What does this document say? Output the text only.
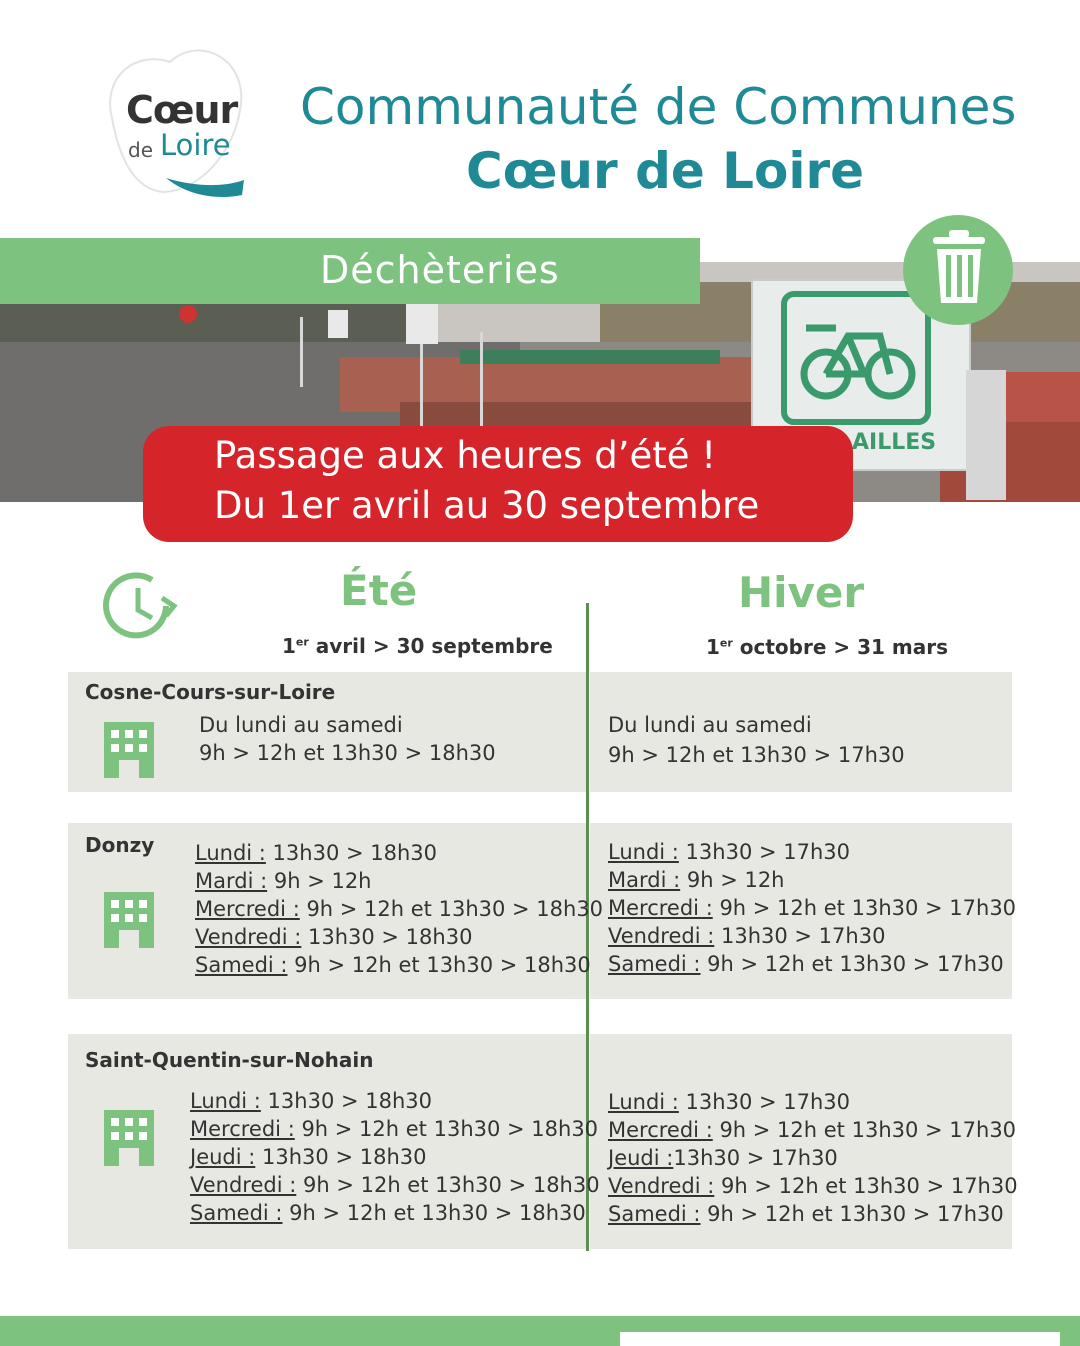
Cœur
de Loire
Communauté de Communes
Cœur de Loire
AILLES
Déchèteries
Passage aux heures d’été !
Du 1er avril au 30 septembre
Été	Hiver
1er avril > 30 septembre	1er octobre > 31 mars
Cosne-Cours-sur-Loire
Du lundi au samedi
9h > 12h et 13h30 > 18h30
Du lundi au samedi
9h > 12h et 13h30 > 17h30
Donzy Lundi : 13h30 > 18h30
Mardi : 9h > 12h
Mercredi : 9h > 12h et 13h30 > 18h30
Vendredi : 13h30 > 18h30
Samedi : 9h > 12h et 13h30 > 18h30
Lundi : 13h30 > 17h30
Mardi : 9h > 12h
Mercredi : 9h > 12h et 13h30 > 17h30
Vendredi : 13h30 > 17h30
Samedi : 9h > 12h et 13h30 > 17h30
Saint-Quentin-sur-Nohain
Lundi : 13h30 > 18h30
Mercredi : 9h > 12h et 13h30 > 18h30
Jeudi : 13h30 > 18h30
Vendredi : 9h > 12h et 13h30 > 18h30
Samedi : 9h > 12h et 13h30 > 18h30
Lundi : 13h30 > 17h30
Mercredi : 9h > 12h et 13h30 > 17h30
Jeudi :13h30 > 17h30
Vendredi : 9h > 12h et 13h30 > 17h30
Samedi : 9h > 12h et 13h30 > 17h30
